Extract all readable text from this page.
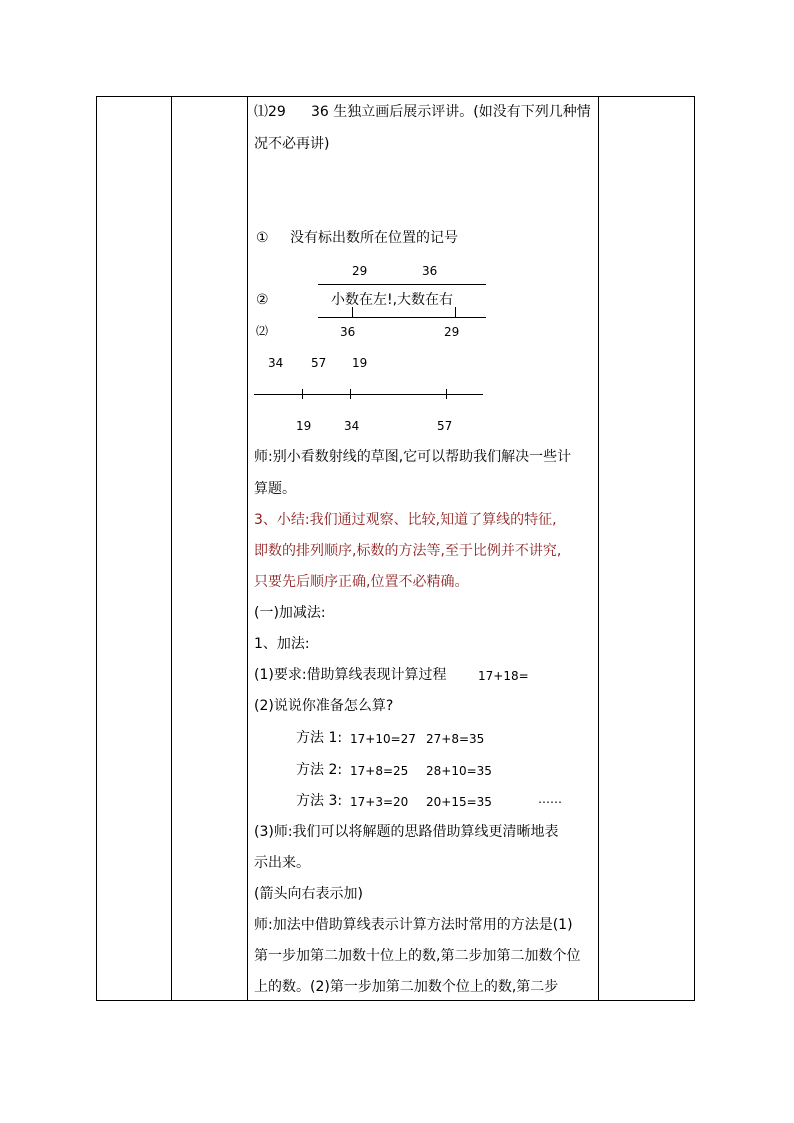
⑴29 36 生独立画后展示评讲。(如没有下列几种情
况不必再讲)
① 没有标出数所在位置的记号
29	36
②	小数在左!,大数在右
⑵	36	29
34 57 19
19	34	57
师:别小看数射线的草图,它可以帮助我们解决一些计
算题。
3、小结:我们通过观察、比较,知道了算线的特征,
即数的排列顺序,标数的方法等,至于比例并不讲究,
只要先后顺序正确,位置不必精确。
(一)加减法:
1、加法:
(1)要求:借助算线表现计算过程	17+18=
(2)说说你准备怎么算?
方法 1: 17+10=27 27+8=35
方法 2: 17+8=25 28+10=35
方法 3: 17+3=20 20+15=35	……
(3)师:我们可以将解题的思路借助算线更清晰地表
示出来。
(箭头向右表示加)
师:加法中借助算线表示计算方法时常用的方法是(1)
第一步加第二加数十位上的数,第二步加第二加数个位
上的数。(2)第一步加第二加数个位上的数,第二步
